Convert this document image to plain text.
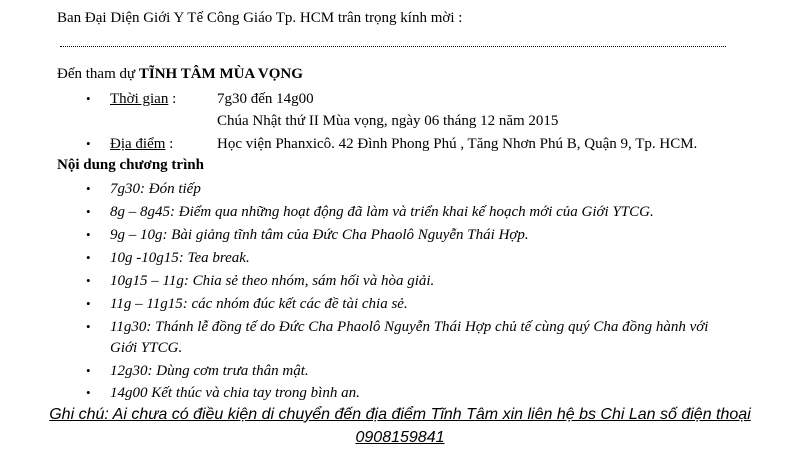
Ban Đại Diện Giới Y Tế Công Giáo Tp. HCM trân trọng kính mời :
Đến tham dự TĨNH TÂM MÙA VỌNG
• Thời gian :	7g30 đến 14g00
Chúa Nhật thứ II Mùa vọng, ngày 06 tháng 12 năm 2015
• Địa điểm :	Học viện Phanxicô. 42 Đình Phong Phú , Tăng Nhơn Phú B, Quận 9, Tp. HCM.
Nội dung chương trình
• 7g30: Đón tiếp
• 8g – 8g45: Điểm qua những hoạt động đã làm và triển khai kế hoạch mới của Giới YTCG.
• 9g – 10g: Bài giảng tĩnh tâm của Đức Cha Phaolô Nguyễn Thái Hợp.
• 10g -10g15: Tea break.
• 10g15 – 11g: Chia sẻ theo nhóm, sám hối và hòa giải.
• 11g – 11g15: các nhóm đúc kết các đề tài chia sẻ.
• 11g30: Thánh lễ đồng tế do Đức Cha Phaolô Nguyễn Thái Hợp chủ tế cùng quý Cha đồng hành với
Giới YTCG.
• 12g30: Dùng cơm trưa thân mật.
• 14g00 Kết thúc và chia tay trong bình an.
Ghi chú: Ai chưa có điều kiện di chuyển đến địa điểm Tĩnh Tâm xin liên hệ bs Chi Lan số điện thoại
0908159841
